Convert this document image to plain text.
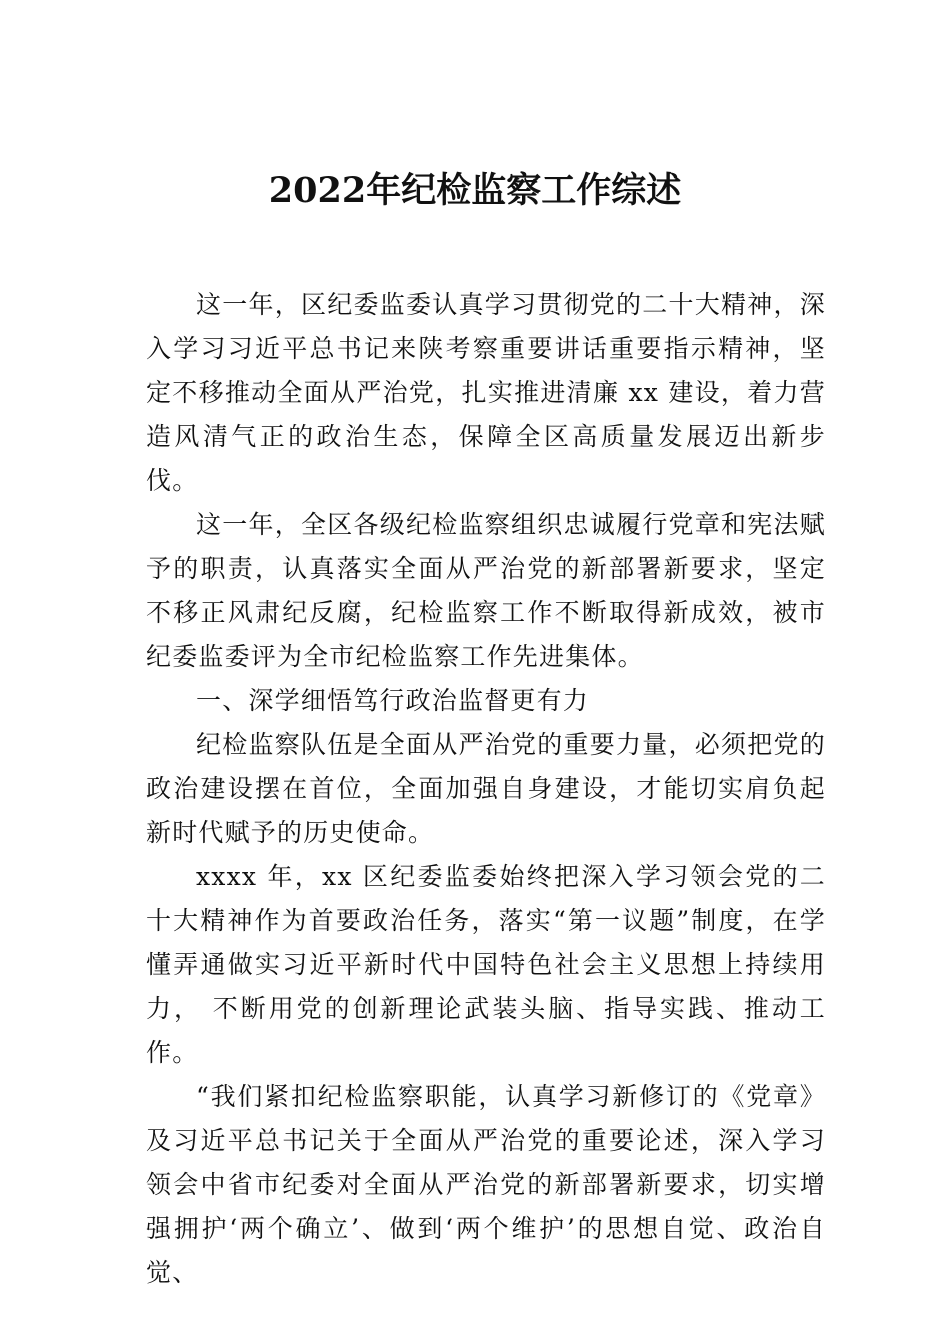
2022年纪检监察工作综述

这一年，区纪委监委认真学习贯彻党的二十大精神，深入学习习近平总书记来陕考察重要讲话重要指示精神，坚定不移推动全面从严治党，扎实推进清廉 xx 建设，着力营造风清气正的政治生态，保障全区高质量发展迈出新步伐。

这一年，全区各级纪检监察组织忠诚履行党章和宪法赋予的职责，认真落实全面从严治党的新部署新要求，坚定不移正风肃纪反腐，纪检监察工作不断取得新成效，被市纪委监委评为全市纪检监察工作先进集体。

一、深学细悟笃行政治监督更有力

纪检监察队伍是全面从严治党的重要力量，必须把党的政治建设摆在首位，全面加强自身建设，才能切实肩负起新时代赋予的历史使命。

xxxx 年，xx 区纪委监委始终把深入学习领会党的二十大精神作为首要政治任务，落实“第一议题”制度，在学懂弄通做实习近平新时代中国特色社会主义思想上持续用力， 不断用党的创新理论武装头脑、指导实践、推动工作。

“我们紧扣纪检监察职能，认真学习新修订的《党章》及习近平总书记关于全面从严治党的重要论述，深入学习领会中省市纪委对全面从严治党的新部署新要求，切实增强拥护‘两个确立’、做到‘两个维护’的思想自觉、政治自觉、
